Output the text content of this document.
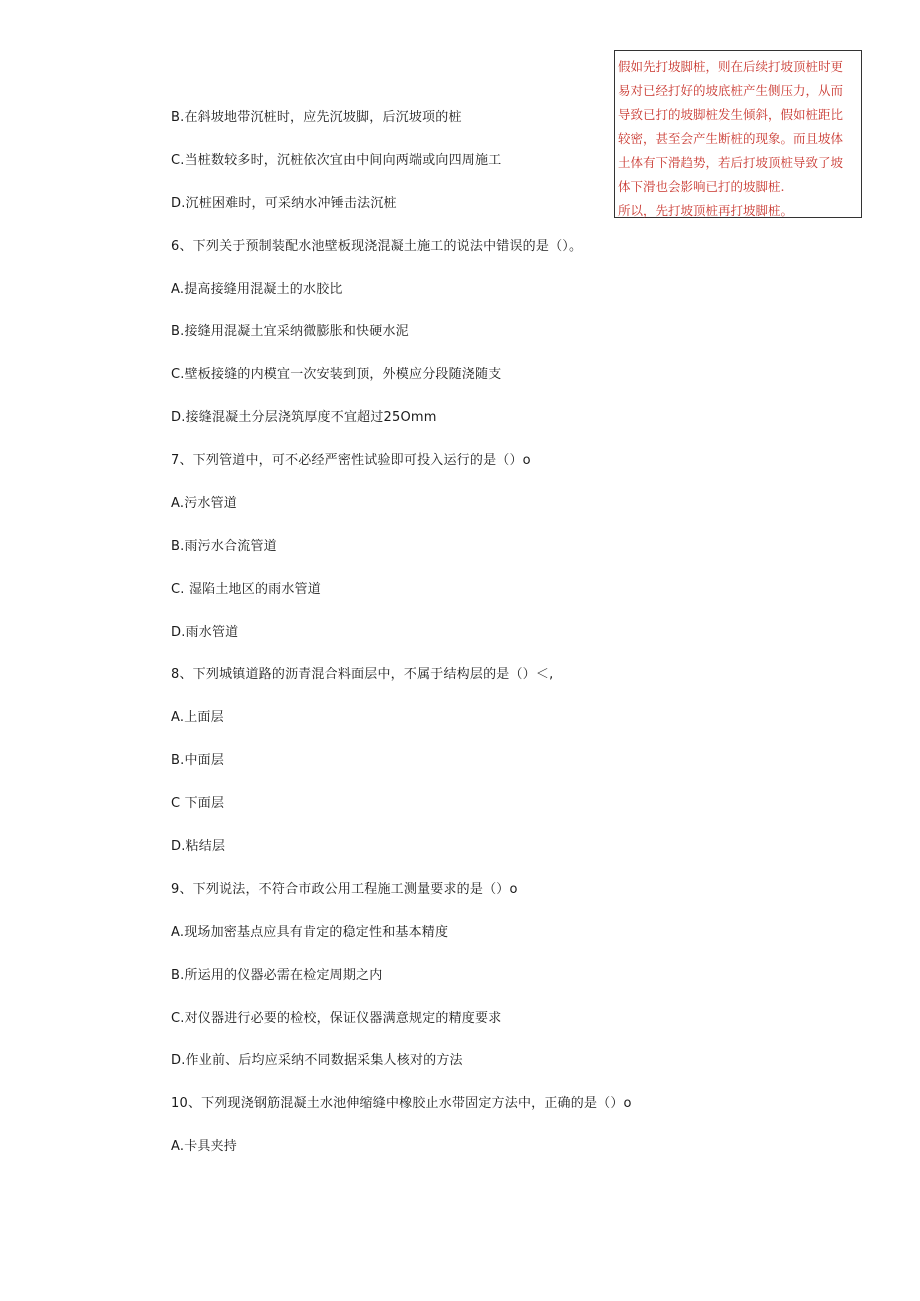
假如先打坡脚桩，则在后续打坡顶桩时更
易对已经打好的坡底桩产生侧压力，从而
导致已打的坡脚桩发生倾斜，假如桩距比
较密，甚至会产生断桩的现象。而且坡体
土体有下滑趋势，若后打坡顶桩导致了坡
体下滑也会影响已打的坡脚桩.
所以，先打坡顶桩再打坡脚桩。
B.在斜坡地带沉桩时，应先沉坡脚，后沉坡项的桩
C.当桩数较多时，沉桩依次宜由中间向两端或向四周施工
D.沉桩困难时，可采纳水冲锤击法沉桩
6、下列关于预制装配水池壁板现浇混凝土施工的说法中错误的是（）。
A.提高接缝用混凝土的水胶比
B.接缝用混凝土宜采纳微膨胀和快硬水泥
C.壁板接缝的内模宜一次安装到顶，外模应分段随浇随支
D.接缝混凝土分层浇筑厚度不宜超过25Omm
7、下列管道中，可不必经严密性试验即可投入运行的是（）o
A.污水管道
B.雨污水合流管道
C. 湿陷土地区的雨水管道
D.雨水管道
8、下列城镇道路的沥青混合料面层中，不属于结构层的是（）＜,
A.上面层
B.中面层
C 下面层
D.粘结层
9、下列说法，不符合市政公用工程施工测量要求的是（）o
A.现场加密基点应具有肯定的稳定性和基本精度
B.所运用的仪器必需在检定周期之内
C.对仪器进行必要的检校，保证仪器满意规定的精度要求
D.作业前、后均应采纳不同数据采集人核对的方法
10、下列现浇钢筋混凝土水池伸缩缝中橡胶止水带固定方法中，正确的是（）o
A.卡具夹持
